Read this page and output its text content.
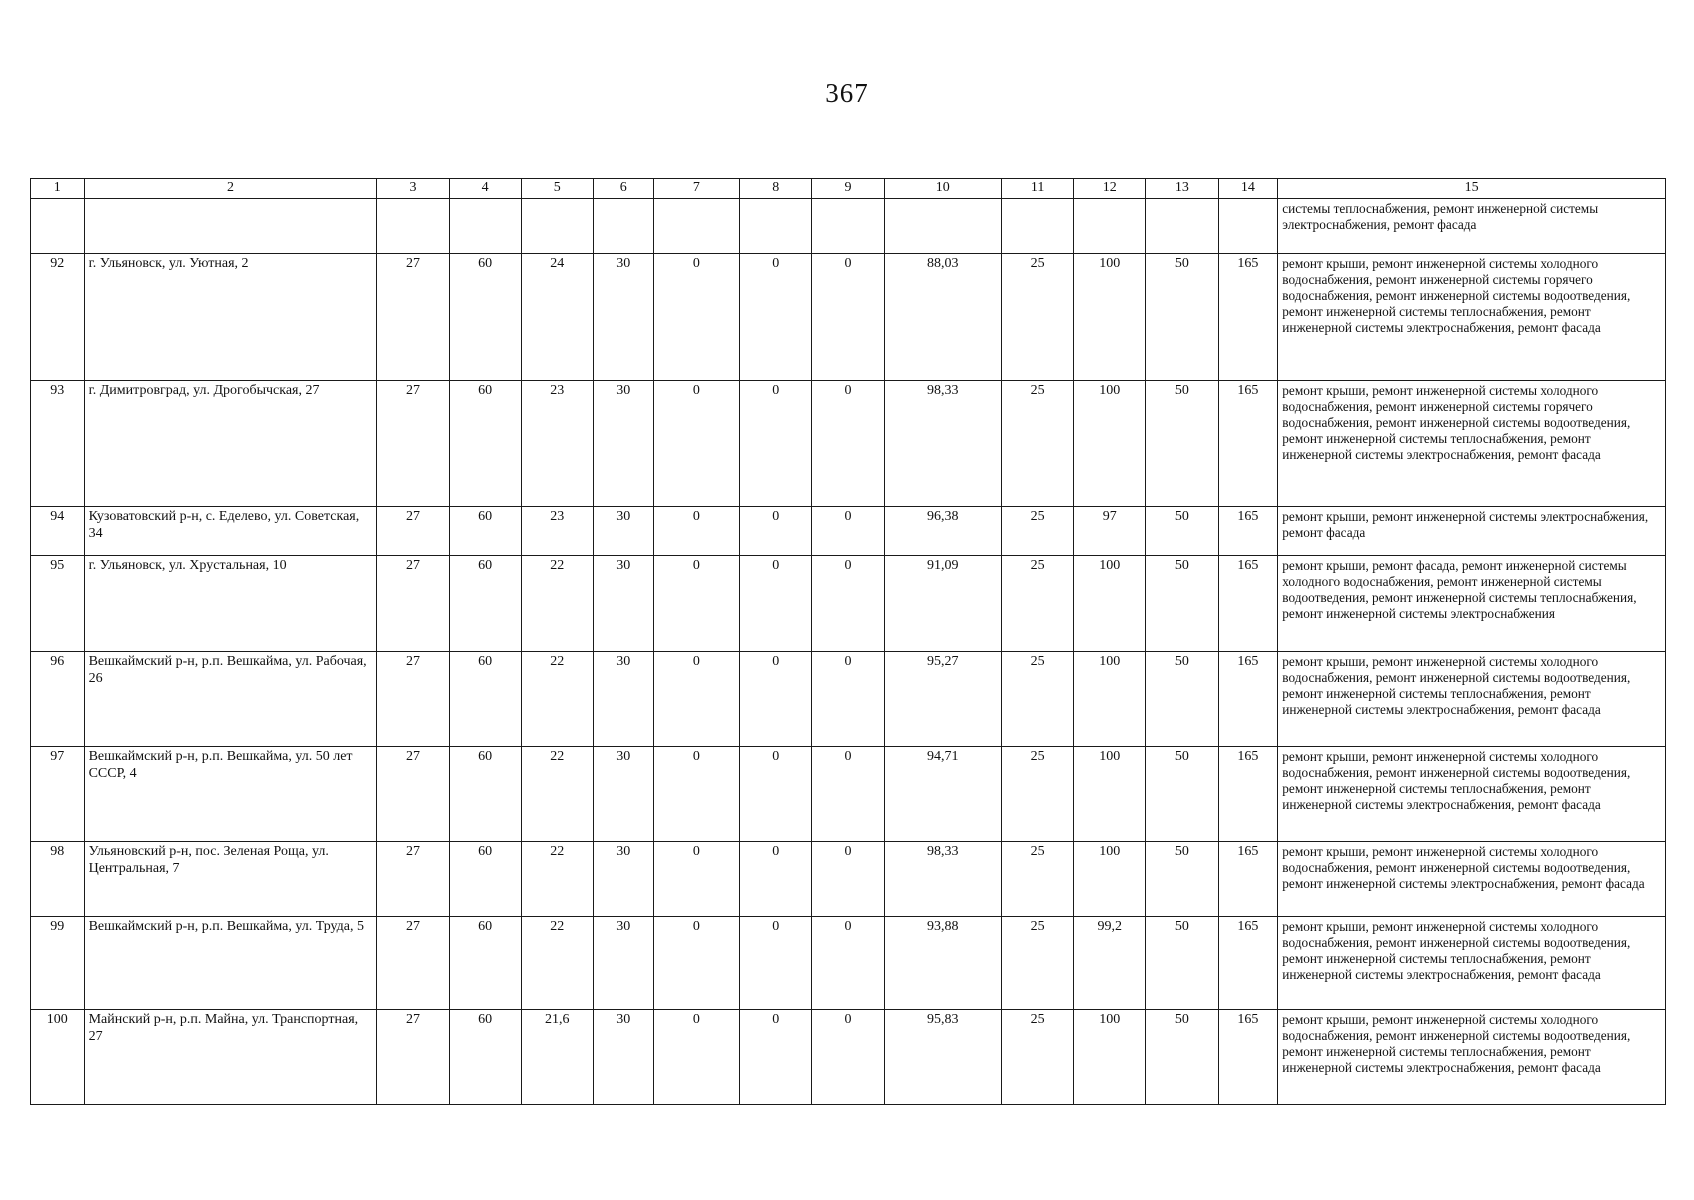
367
1	2	3	4	5	6	7	8	9	10	11	12	13	14	15
														системы теплоснабжения, ремонт инженерной системы электроснабжения, ремонт фасада
92	г. Ульяновск, ул. Уютная, 2	27	60	24	30	0	0	0	88,03	25	100	50	165	ремонт крыши, ремонт инженерной системы холодного водоснабжения, ремонт инженерной системы горячего водоснабжения, ремонт инженерной системы водоотведения, ремонт инженерной системы теплоснабжения, ремонт инженерной системы электроснабжения, ремонт фасада
93	г. Димитровград, ул. Дрогобычская, 27	27	60	23	30	0	0	0	98,33	25	100	50	165	ремонт крыши, ремонт инженерной системы холодного водоснабжения, ремонт инженерной системы горячего водоснабжения, ремонт инженерной системы водоотведения, ремонт инженерной системы теплоснабжения, ремонт инженерной системы электроснабжения, ремонт фасада
94	Кузоватовский р-н, с. Еделево, ул. Советская, 34	27	60	23	30	0	0	0	96,38	25	97	50	165	ремонт крыши, ремонт инженерной системы электроснабжения, ремонт фасада
95	г. Ульяновск, ул. Хрустальная, 10	27	60	22	30	0	0	0	91,09	25	100	50	165	ремонт крыши, ремонт фасада, ремонт инженерной системы холодного водоснабжения, ремонт инженерной системы водоотведения, ремонт инженерной системы теплоснабжения, ремонт инженерной системы электроснабжения
96	Вешкаймский р-н, р.п. Вешкайма, ул. Рабочая, 26	27	60	22	30	0	0	0	95,27	25	100	50	165	ремонт крыши, ремонт инженерной системы холодного водоснабжения, ремонт инженерной системы водоотведения, ремонт инженерной системы теплоснабжения, ремонт инженерной системы электроснабжения, ремонт фасада
97	Вешкаймский р-н, р.п. Вешкайма, ул. 50 лет СССР, 4	27	60	22	30	0	0	0	94,71	25	100	50	165	ремонт крыши, ремонт инженерной системы холодного водоснабжения, ремонт инженерной системы водоотведения, ремонт инженерной системы теплоснабжения, ремонт инженерной системы электроснабжения, ремонт фасада
98	Ульяновский р-н, пос. Зеленая Роща, ул. Центральная, 7	27	60	22	30	0	0	0	98,33	25	100	50	165	ремонт крыши, ремонт инженерной системы холодного водоснабжения, ремонт инженерной системы водоотведения, ремонт инженерной системы электроснабжения, ремонт фасада
99	Вешкаймский р-н, р.п. Вешкайма, ул. Труда, 5	27	60	22	30	0	0	0	93,88	25	99,2	50	165	ремонт крыши, ремонт инженерной системы холодного водоснабжения, ремонт инженерной системы водоотведения, ремонт инженерной системы теплоснабжения, ремонт инженерной системы электроснабжения, ремонт фасада
100	Майнский р-н, р.п. Майна, ул. Транспортная, 27	27	60	21,6	30	0	0	0	95,83	25	100	50	165	ремонт крыши, ремонт инженерной системы холодного водоснабжения, ремонт инженерной системы водоотведения, ремонт инженерной системы теплоснабжения, ремонт инженерной системы электроснабжения, ремонт фасада
